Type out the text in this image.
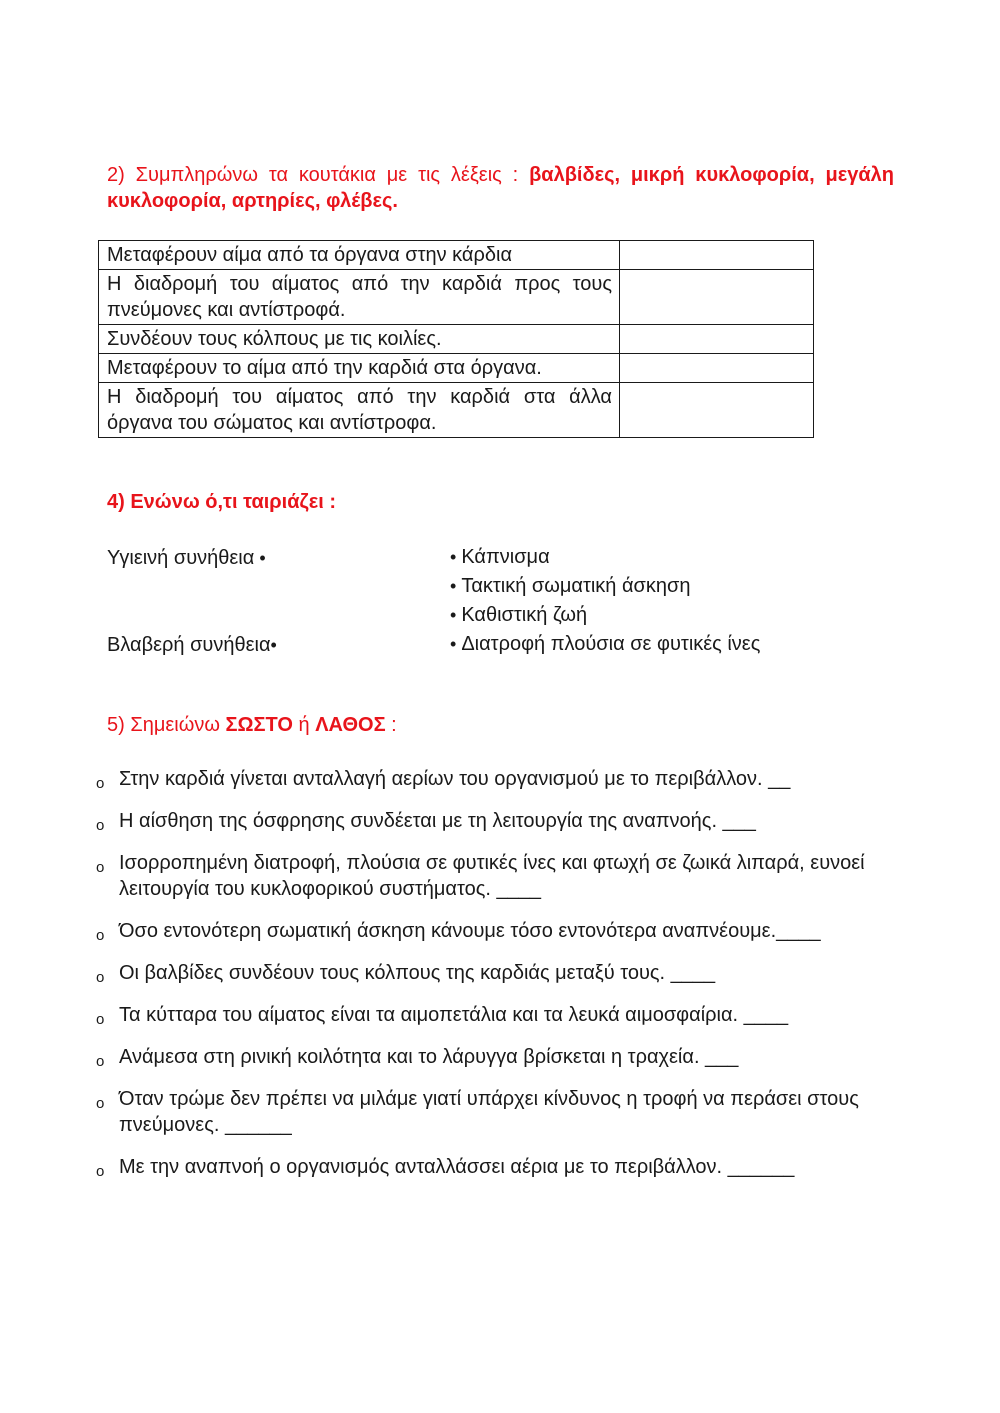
2) Συμπληρώνω τα κουτάκια με τις λέξεις : βαλβίδες, μικρή κυκλοφορία, μεγάλη κυκλοφορία, αρτηρίες, φλέβες.
Μεταφέρουν αίμα από τα όργανα στην κάρδια	
Η διαδρομή του αίματος από την καρδιά προς τους πνεύμονες και αντίστροφά.	
Συνδέουν τους κόλπους με τις κοιλίες.	
Μεταφέρουν το αίμα από την καρδιά στα όργανα.	
Η διαδρομή του αίματος από την καρδιά στα άλλα όργανα του σώματος και αντίστροφα.	
4) Ενώνω ό,τι ταιριάζει :
Υγιεινή συνήθεια •
Βλαβερή συνήθεια•
• Κάπνισμα
• Τακτική σωματική άσκηση
• Καθιστική ζωή
• Διατροφή πλούσια σε φυτικές ίνες
5) Σημειώνω ΣΩΣΤΟ ή ΛΑΘΟΣ :
o Στην καρδιά γίνεται ανταλλαγή αερίων του οργανισμού με το περιβάλλον. __
o Η αίσθηση της όσφρησης συνδέεται με τη λειτουργία της αναπνοής. ___
o Ισορροπημένη διατροφή, πλούσια σε φυτικές ίνες και φτωχή σε ζωικά λιπαρά, ευνοεί λειτουργία του κυκλοφορικού συστήματος. ____
o Όσο εντονότερη σωματική άσκηση κάνουμε τόσο εντονότερα αναπνέουμε.____
o Οι βαλβίδες συνδέουν τους κόλπους της καρδιάς μεταξύ τους. ____
o Τα κύτταρα του αίματος είναι τα αιμοπετάλια και τα λευκά αιμοσφαίρια. ____
o Ανάμεσα στη ρινική κοιλότητα και το λάρυγγα βρίσκεται η τραχεία. ___
o Όταν τρώμε δεν πρέπει να μιλάμε γιατί υπάρχει κίνδυνος η τροφή να περάσει στους πνεύμονες. ______
o Με την αναπνοή ο οργανισμός ανταλλάσσει αέρια με το περιβάλλον. ______
